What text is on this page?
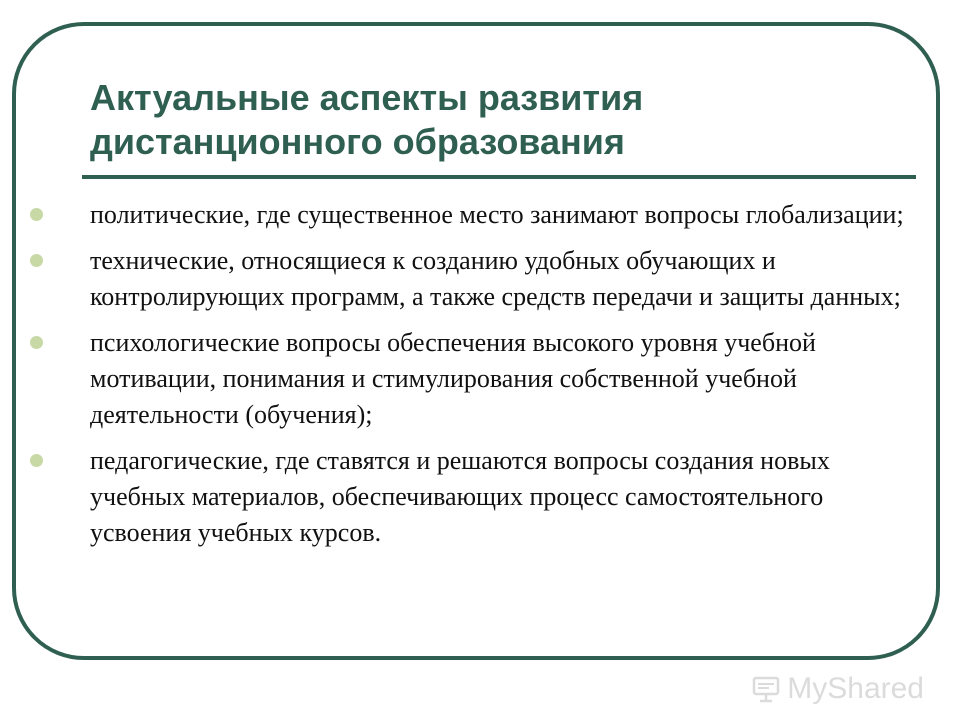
Актуальные аспекты развития
дистанционного образования
политические, где существенное место занимают вопросы глобализации;
технические, относящиеся к созданию удобных обучающих и контролирующих программ, а также средств передачи и защиты данных;
психологические вопросы обеспечения высокого уровня учебной мотивации, понимания и стимулирования собственной учебной деятельности (обучения);
педагогические, где ставятся и решаются вопросы создания новых учебных материалов, обеспечивающих процесс самостоятельного усвоения учебных курсов.
MyShared
